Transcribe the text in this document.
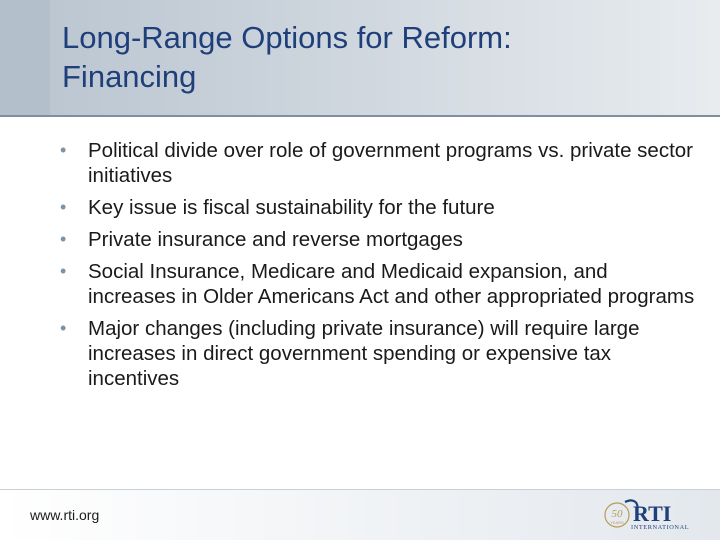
Long-Range Options for Reform:
Financing
• Political divide over role of government programs vs. private sector initiatives
• Key issue is fiscal sustainability for the future
• Private insurance and reverse mortgages
• Social Insurance, Medicare and Medicaid expansion, and increases in Older Americans Act and other appropriated programs
• Major changes (including private insurance) will require large increases in direct government spending or expensive tax incentives
www.rti.org	50
YEARS RTI
INTERNATIONAL
